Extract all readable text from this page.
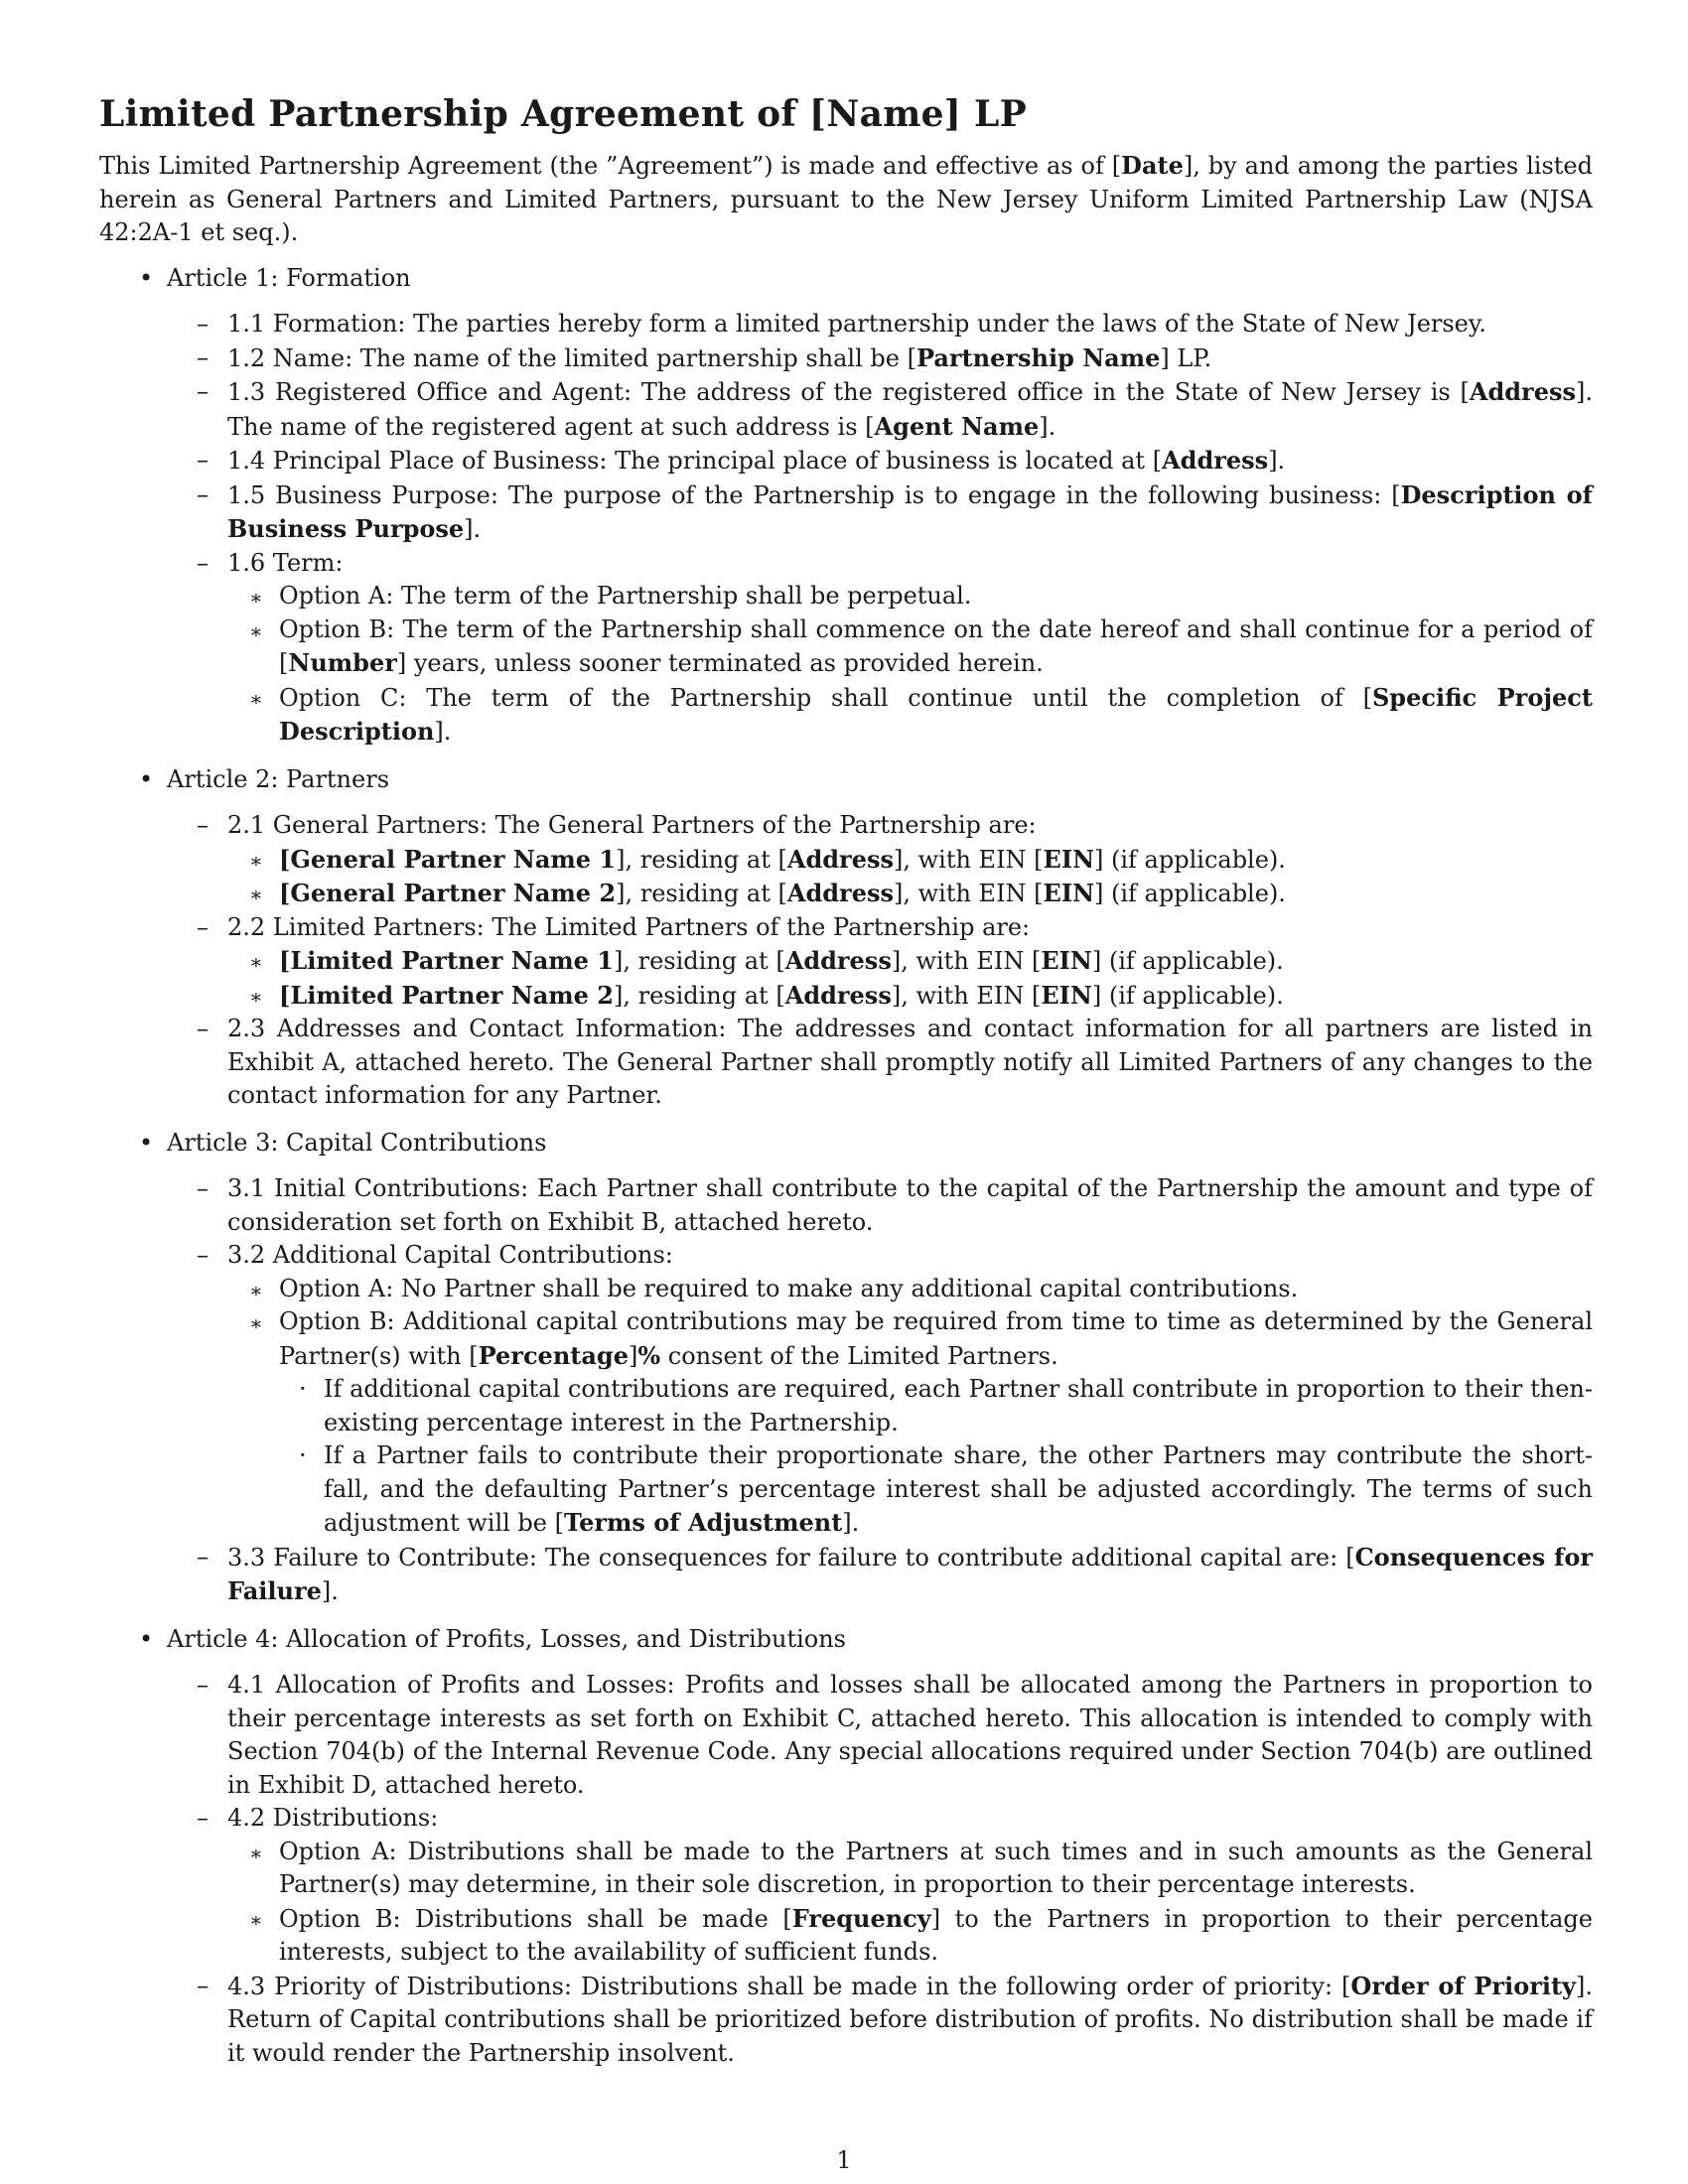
Limited Partnership Agreement of [Name] LP

This Limited Partnership Agreement (the ”Agreement”) is made and effective as of [Date], by and among the parties listed herein as General Partners and Limited Partners, pursuant to the New Jersey Uniform Limited Partnership Law (NJSA 42:2A-1 et seq.).

• Article 1: Formation
– 1.1 Formation: The parties hereby form a limited partnership under the laws of the State of New Jersey.
– 1.2 Name: The name of the limited partnership shall be [Partnership Name] LP.
– 1.3 Registered Office and Agent: The address of the registered office in the State of New Jersey is [Address]. The name of the registered agent at such address is [Agent Name].
– 1.4 Principal Place of Business: The principal place of business is located at [Address].
– 1.5 Business Purpose: The purpose of the Partnership is to engage in the following business: [Description of Business Purpose].
– 1.6 Term:
∗ Option A: The term of the Partnership shall be perpetual.
∗ Option B: The term of the Partnership shall commence on the date hereof and shall continue for a period of [Number] years, unless sooner terminated as provided herein.
∗ Option C: The term of the Partnership shall continue until the completion of [Specific Project Description].
• Article 2: Partners
– 2.1 General Partners: The General Partners of the Partnership are:
∗ [General Partner Name 1], residing at [Address], with EIN [EIN] (if applicable).
∗ [General Partner Name 2], residing at [Address], with EIN [EIN] (if applicable).
– 2.2 Limited Partners: The Limited Partners of the Partnership are:
∗ [Limited Partner Name 1], residing at [Address], with EIN [EIN] (if applicable).
∗ [Limited Partner Name 2], residing at [Address], with EIN [EIN] (if applicable).
– 2.3 Addresses and Contact Information: The addresses and contact information for all partners are listed in Exhibit A, attached hereto. The General Partner shall promptly notify all Limited Partners of any changes to the contact information for any Partner.
• Article 3: Capital Contributions
– 3.1 Initial Contributions: Each Partner shall contribute to the capital of the Partnership the amount and type of consideration set forth on Exhibit B, attached hereto.
– 3.2 Additional Capital Contributions:
∗ Option A: No Partner shall be required to make any additional capital contributions.
∗ Option B: Additional capital contributions may be required from time to time as determined by the General Partner(s) with [Percentage]% consent of the Limited Partners.
· If additional capital contributions are required, each Partner shall contribute in proportion to their then-existing percentage interest in the Partnership.
· If a Partner fails to contribute their proportionate share, the other Partners may contribute the short-fall, and the defaulting Partner’s percentage interest shall be adjusted accordingly. The terms of such adjustment will be [Terms of Adjustment].
– 3.3 Failure to Contribute: The consequences for failure to contribute additional capital are: [Consequences for Failure].
• Article 4: Allocation of Profits, Losses, and Distributions
– 4.1 Allocation of Profits and Losses: Profits and losses shall be allocated among the Partners in proportion to their percentage interests as set forth on Exhibit C, attached hereto. This allocation is intended to comply with Section 704(b) of the Internal Revenue Code. Any special allocations required under Section 704(b) are outlined in Exhibit D, attached hereto.
– 4.2 Distributions:
∗ Option A: Distributions shall be made to the Partners at such times and in such amounts as the General Partner(s) may determine, in their sole discretion, in proportion to their percentage interests.
∗ Option B: Distributions shall be made [Frequency] to the Partners in proportion to their percentage interests, subject to the availability of sufficient funds.
– 4.3 Priority of Distributions: Distributions shall be made in the following order of priority: [Order of Priority]. Return of Capital contributions shall be prioritized before distribution of profits. No distribution shall be made if it would render the Partnership insolvent.
1
